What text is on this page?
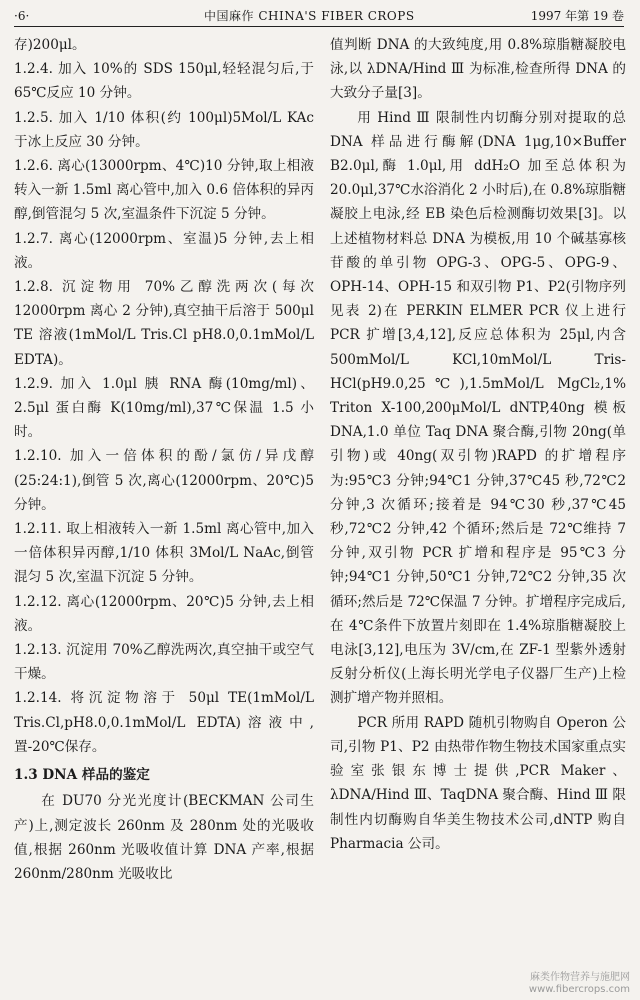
·6·	中国麻作 CHINA'S FIBER CROPS	1997 年第 19 卷

存)200μl。

1.2.4. 加入 10%的 SDS 150μl,轻轻混匀后,于 65℃反应 10 分钟。

1.2.5. 加入 1/10 体积(约 100μl)5Mol/L KAc 于冰上反应 30 分钟。

1.2.6. 离心(13000rpm、4℃)10 分钟,取上相液转入一新 1.5ml 离心管中,加入 0.6 倍体积的异丙醇,倒管混匀 5 次,室温条件下沉淀 5 分钟。

1.2.7. 离心(12000rpm、室温)5 分钟,去上相液。

1.2.8. 沉淀物用 70%乙醇洗两次(每次 12000rpm 离心 2 分钟),真空抽干后溶于 500μl TE 溶液(1mMol/L Tris.Cl pH8.0,0.1mMol/L EDTA)。

1.2.9. 加入 1.0μl 胰 RNA 酶(10mg/ml)、2.5μl 蛋白酶 K(10mg/ml),37℃保温 1.5 小时。

1.2.10. 加入一倍体积的酚/氯仿/异戊醇(25:24:1),倒管 5 次,离心(12000rpm、20℃)5 分钟。

1.2.11. 取上相液转入一新 1.5ml 离心管中,加入一倍体积异丙醇,1/10 体积 3Mol/L NaAc,倒管混匀 5 次,室温下沉淀 5 分钟。

1.2.12. 离心(12000rpm、20℃)5 分钟,去上相液。

1.2.13. 沉淀用 70%乙醇洗两次,真空抽干或空气干燥。

1.2.14. 将沉淀物溶于 50μl TE(1mMol/L Tris.Cl,pH8.0,0.1mMol/L EDTA)溶液中,置-20℃保存。

1.3 DNA 样品的鉴定

在 DU70 分光光度计(BECKMAN 公司生产)上,测定波长 260nm 及 280nm 处的光吸收值,根据 260nm 光吸收值计算 DNA 产率,根据 260nm/280nm 光吸收比

值判断 DNA 的大致纯度,用 0.8%琼脂糖凝胶电泳,以 λDNA/Hind Ⅲ 为标准,检查所得 DNA 的大致分子量[3]。

用 Hind Ⅲ 限制性内切酶分别对提取的总 DNA 样品进行酶解(DNA 1μg,10×Buffer B2.0μl,酶 1.0μl,用 ddH₂O 加至总体积为 20.0μl,37℃水浴消化 2 小时后),在 0.8%琼脂糖凝胶上电泳,经 EB 染色后检测酶切效果[3]。以上述植物材料总 DNA 为模板,用 10 个碱基寡核苷酸的单引物 OPG-3、OPG-5、OPG-9、OPH-14、OPH-15 和双引物 P1、P2(引物序列见表 2)在 PERKIN ELMER PCR 仪上进行 PCR 扩增[3,4,12],反应总体积为 25μl,内含 500mMol/L KCl,10mMol/L Tris-HCl(pH9.0,25℃),1.5mMol/L MgCl₂,1% Triton X-100,200μMol/L dNTP,40ng 模板 DNA,1.0 单位 Taq DNA 聚合酶,引物 20ng(单引物)或 40ng(双引物)RAPD 的扩增程序为:95℃3 分钟;94℃1 分钟,37℃45 秒,72℃2 分钟,3 次循环;接着是 94℃30 秒,37℃45 秒,72℃2 分钟,42 个循环;然后是 72℃维持 7 分钟,双引物 PCR 扩增和程序是 95℃3 分钟;94℃1 分钟,50℃1 分钟,72℃2 分钟,35 次循环;然后是 72℃保温 7 分钟。扩增程序完成后,在 4℃条件下放置片刻即在 1.4%琼脂糖凝胶上电泳[3,12],电压为 3V/cm,在 ZF-1 型紫外透射反射分析仪(上海长明光学电子仪器厂生产)上检测扩增产物并照相。

PCR 所用 RAPD 随机引物购自 Operon 公司,引物 P1、P2 由热带作物生物技术国家重点实验室张银东博士提供,PCR Maker、λDNA/Hind Ⅲ、TaqDNA 聚合酶、Hind Ⅲ 限制性内切酶购自华美生物技术公司,dNTP 购自 Pharmacia 公司。

麻类作物营养与施肥网
www.fibercrops.com
